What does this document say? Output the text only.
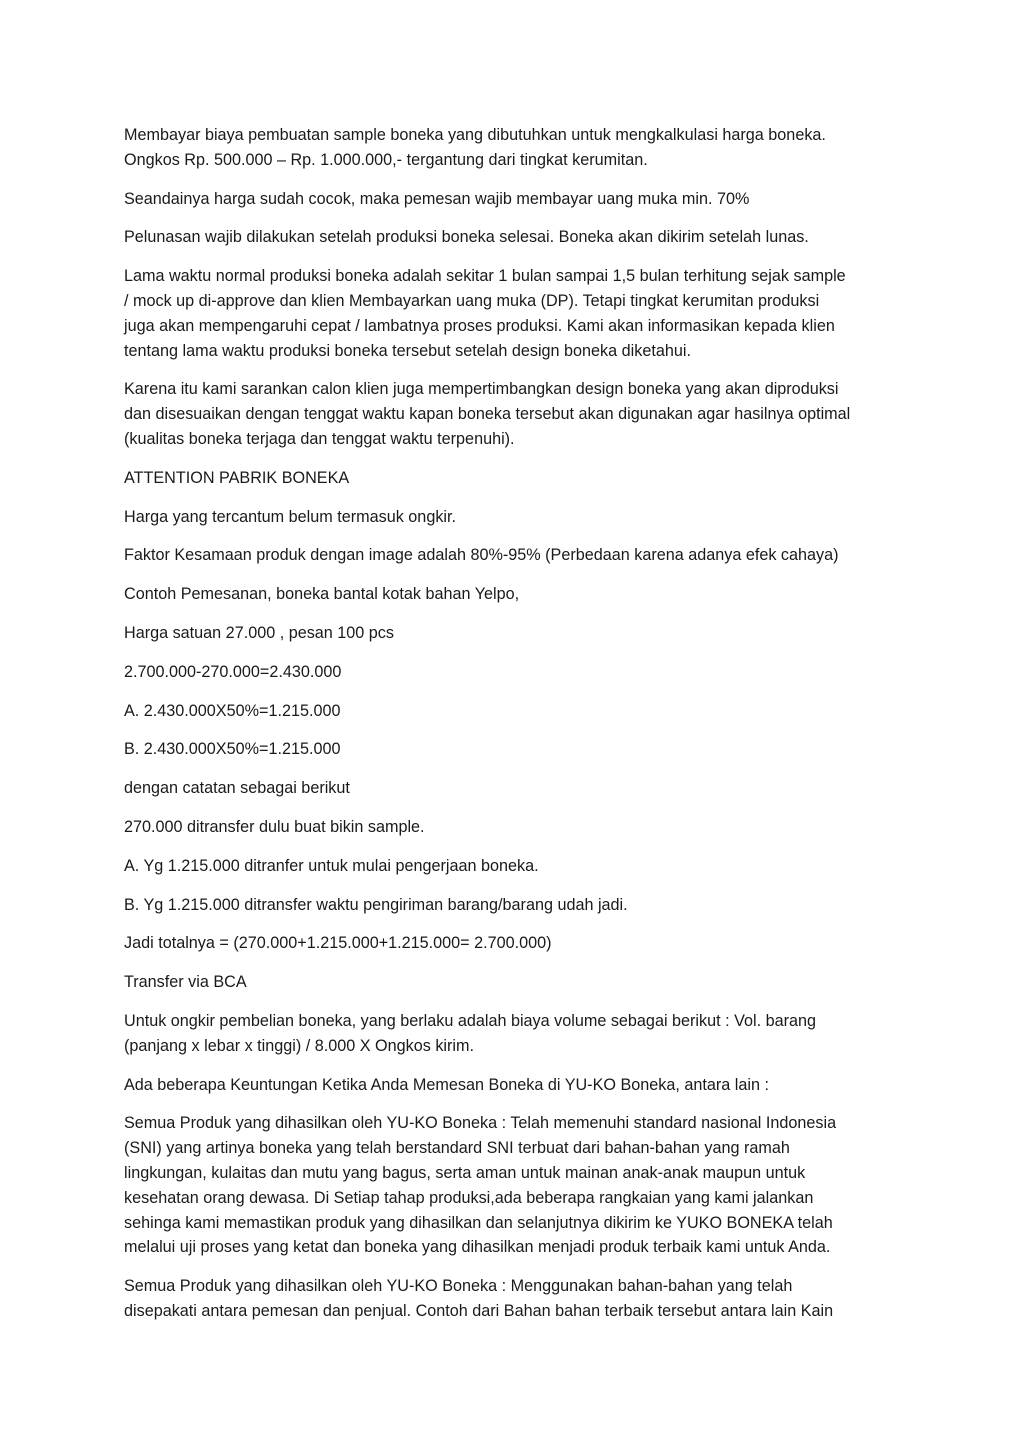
Membayar biaya pembuatan sample boneka yang dibutuhkan untuk mengkalkulasi harga boneka.
Ongkos Rp. 500.000 – Rp. 1.000.000,- tergantung dari tingkat kerumitan.

Seandainya harga sudah cocok, maka pemesan wajib membayar uang muka min. 70%

Pelunasan wajib dilakukan setelah produksi boneka selesai. Boneka akan dikirim setelah lunas.

Lama waktu normal produksi boneka adalah sekitar 1 bulan sampai 1,5 bulan terhitung sejak sample
/ mock up di-approve dan klien Membayarkan uang muka (DP). Tetapi tingkat kerumitan produksi
juga akan mempengaruhi cepat / lambatnya proses produksi. Kami akan informasikan kepada klien
tentang lama waktu produksi boneka tersebut setelah design boneka diketahui.

Karena itu kami sarankan calon klien juga mempertimbangkan design boneka yang akan diproduksi
dan disesuaikan dengan tenggat waktu kapan boneka tersebut akan digunakan agar hasilnya optimal
(kualitas boneka terjaga dan tenggat waktu terpenuhi).

ATTENTION PABRIK BONEKA

Harga yang tercantum belum termasuk ongkir.

Faktor Kesamaan produk dengan image adalah 80%-95% (Perbedaan karena adanya efek cahaya)

Contoh Pemesanan, boneka bantal kotak bahan Yelpo,

Harga satuan 27.000 , pesan 100 pcs

2.700.000-270.000=2.430.000

A. 2.430.000X50%=1.215.000

B. 2.430.000X50%=1.215.000

dengan catatan sebagai berikut

270.000 ditransfer dulu buat bikin sample.

A. Yg 1.215.000 ditranfer untuk mulai pengerjaan boneka.

B. Yg 1.215.000 ditransfer waktu pengiriman barang/barang udah jadi.

Jadi totalnya = (270.000+1.215.000+1.215.000= 2.700.000)

Transfer via BCA

Untuk ongkir pembelian boneka, yang berlaku adalah biaya volume sebagai berikut : Vol. barang
(panjang x lebar x tinggi) / 8.000 X Ongkos kirim.

Ada beberapa Keuntungan Ketika Anda Memesan Boneka di YU-KO Boneka, antara lain :

Semua Produk yang dihasilkan oleh YU-KO Boneka : Telah memenuhi standard nasional Indonesia
(SNI) yang artinya boneka yang telah berstandard SNI terbuat dari bahan-bahan yang ramah
lingkungan, kulaitas dan mutu yang bagus, serta aman untuk mainan anak-anak maupun untuk
kesehatan orang dewasa. Di Setiap tahap produksi,ada beberapa rangkaian yang kami jalankan
sehinga kami memastikan produk yang dihasilkan dan selanjutnya dikirim ke YUKO BONEKA telah
melalui uji proses yang ketat dan boneka yang dihasilkan menjadi produk terbaik kami untuk Anda.

Semua Produk yang dihasilkan oleh YU-KO Boneka : Menggunakan bahan-bahan yang telah
disepakati antara pemesan dan penjual. Contoh dari Bahan bahan terbaik tersebut antara lain Kain
